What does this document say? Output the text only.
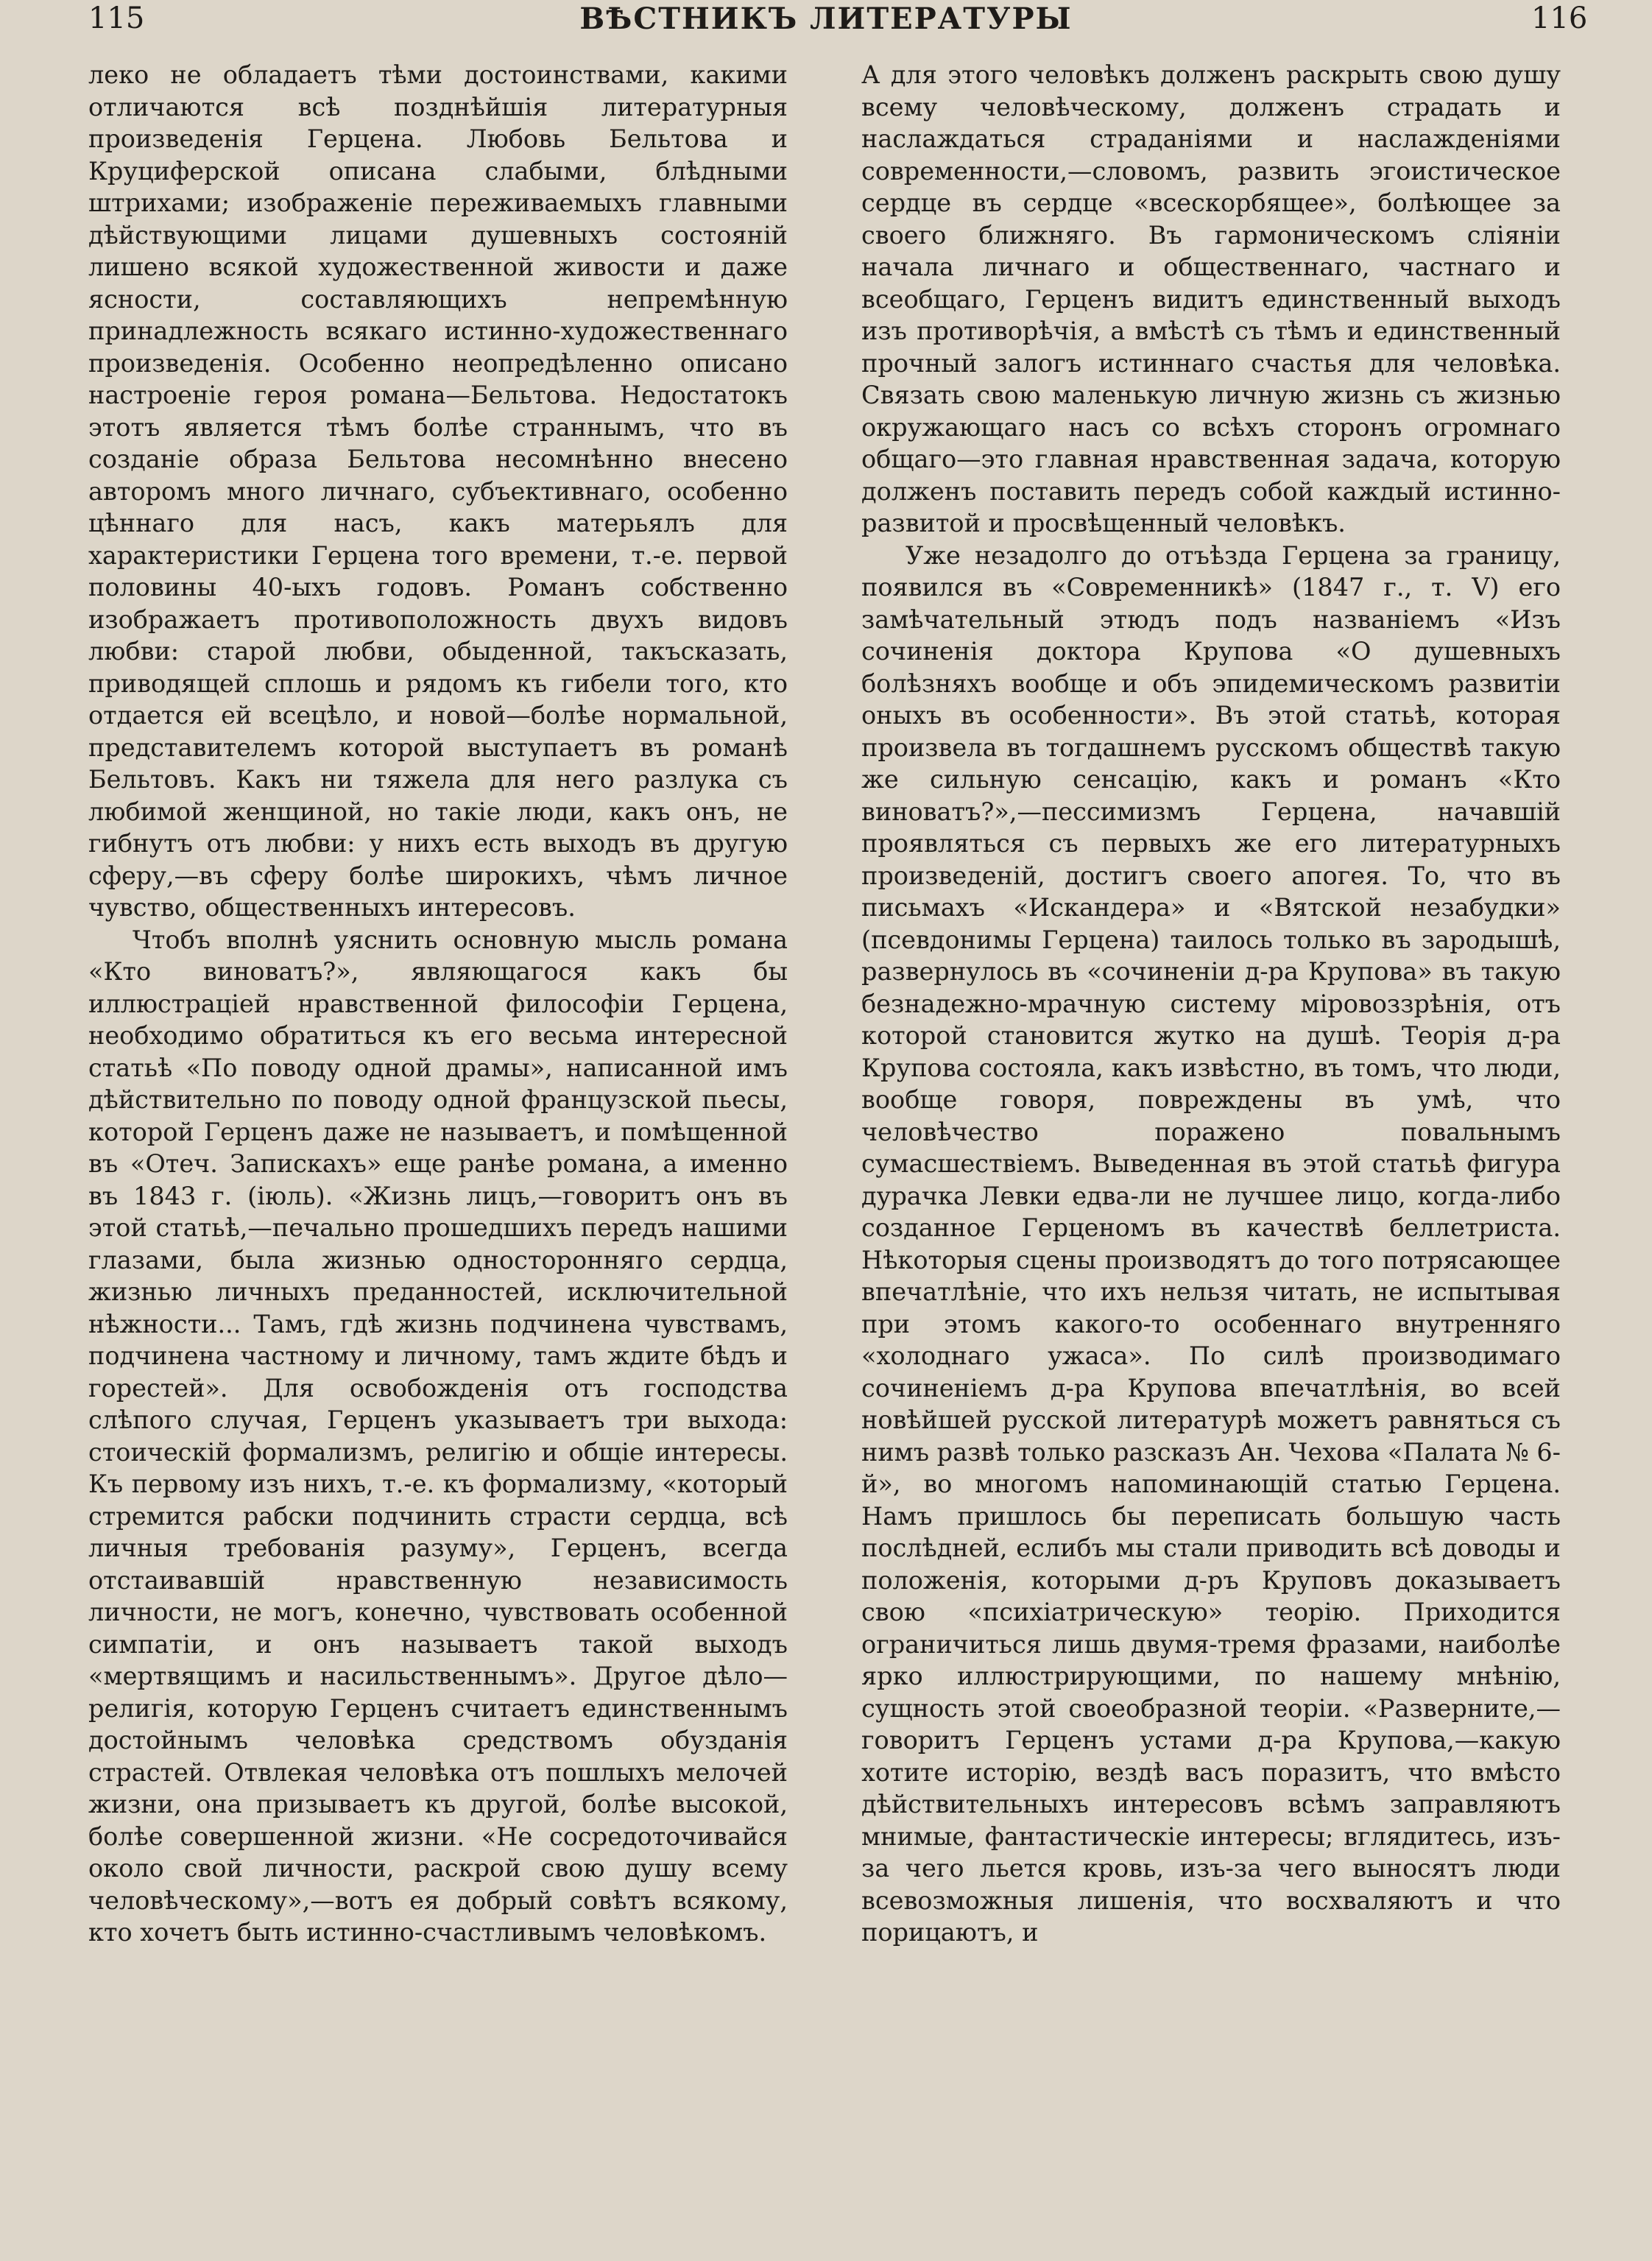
115	ВѢСТНИКЪ ЛИТЕРАТУРЫ	116

леко не обладаетъ тѣми достоинствами, какими отличаются всѣ позднѣйшія литературныя произведенія Герцена. Любовь Бельтова и Круциферской описана слабыми, блѣдными штрихами; изображеніе переживаемыхъ главными дѣйствующими лицами душевныхъ состояній лишено всякой художественной живости и даже ясности, составляющихъ непремѣнную принадлежность всякаго истинно-художественнаго произведенія. Особенно неопредѣленно описано настроеніе героя романа—Бельтова. Недостатокъ этотъ является тѣмъ болѣе страннымъ, что въ созданіе образа Бельтова несомнѣнно внесено авторомъ много личнаго, субъективнаго, особенно цѣннаго для насъ, какъ матерьялъ для характеристики Герцена того времени, т.-е. первой половины 40-ыхъ годовъ. Романъ собственно изображаетъ противоположность двухъ видовъ любви: старой любви, обыденной, такъсказать, приводящей сплошь и рядомъ къ гибели того, кто отдается ей всецѣло, и новой—болѣе нормальной, представителемъ которой выступаетъ въ романѣ Бельтовъ. Какъ ни тяжела для него разлука съ любимой женщиной, но такіе люди, какъ онъ, не гибнутъ отъ любви: у нихъ есть выходъ въ другую сферу,—въ сферу болѣе широкихъ, чѣмъ личное чувство, общественныхъ интересовъ.

Чтобъ вполнѣ уяснить основную мысль романа «Кто виноватъ?», являющагося какъ бы иллюстраціей нравственной философіи Герцена, необходимо обратиться къ его весьма интересной статьѣ «По поводу одной драмы», написанной имъ дѣйствительно по поводу одной французской пьесы, которой Герценъ даже не называетъ, и помѣщенной въ «Отеч. Запискахъ» еще ранѣе романа, а именно въ 1843 г. (іюль). «Жизнь лицъ,—говоритъ онъ въ этой статьѣ,—печально прошедшихъ передъ нашими глазами, была жизнью односторонняго сердца, жизнью личныхъ преданностей, исключительной нѣжности... Тамъ, гдѣ жизнь подчинена чувствамъ, подчинена частному и личному, тамъ ждите бѣдъ и горестей». Для освобожденія отъ господства слѣпого случая, Герценъ указываетъ три выхода: стоическій формализмъ, религію и общіе интересы. Къ первому изъ нихъ, т.-е. къ формализму, «который стремится рабски подчинить страсти сердца, всѣ личныя требованія разуму», Герценъ, всегда отстаивавшій нравственную независимость личности, не могъ, конечно, чувствовать особенной симпатіи, и онъ называетъ такой выходъ «мертвящимъ и насильственнымъ». Другое дѣло—религія, которую Герценъ считаетъ единственнымъ достойнымъ человѣка средствомъ обузданія страстей. Отвлекая человѣка отъ пошлыхъ мелочей жизни, она призываетъ къ другой, болѣе высокой, болѣе совершенной жизни. «Не сосредоточивайся около свой личности, раскрой свою душу всему человѣческому»,—вотъ ея добрый совѣтъ всякому, кто хочетъ быть истинно-счастливымъ человѣкомъ.

А для этого человѣкъ долженъ раскрыть свою душу всему человѣческому, долженъ страдать и наслаждаться страданіями и наслажденіями современности,—словомъ, развить эгоистическое сердце въ сердце «всескорбящее», болѣющее за своего ближняго. Въ гармоническомъ сліяніи начала личнаго и общественнаго, частнаго и всеобщаго, Герценъ видитъ единственный выходъ изъ противорѣчія, а вмѣстѣ съ тѣмъ и единственный прочный залогъ истиннаго счастья для человѣка. Связать свою маленькую личную жизнь съ жизнью окружающаго насъ со всѣхъ сторонъ огромнаго общаго—это главная нравственная задача, которую долженъ поставить передъ собой каждый истинно-развитой и просвѣщенный человѣкъ.

Уже незадолго до отъѣзда Герцена за границу, появился въ «Современникѣ» (1847 г., т. V) его замѣчательный этюдъ подъ названіемъ «Изъ сочиненія доктора Крупова «О душевныхъ болѣзняхъ вообще и объ эпидемическомъ развитіи оныхъ въ особенности». Въ этой статьѣ, которая произвела въ тогдашнемъ русскомъ обществѣ такую же сильную сенсацію, какъ и романъ «Кто виноватъ?»,—пессимизмъ Герцена, начавшій проявляться съ первыхъ же его литературныхъ произведеній, достигъ своего апогея. То, что въ письмахъ «Искандера» и «Вятской незабудки» (псевдонимы Герцена) таилось только въ зародышѣ, развернулось въ «сочиненіи д-ра Крупова» въ такую безнадежно-мрачную систему міровоззрѣнія, отъ которой становится жутко на душѣ. Теорія д-ра Крупова состояла, какъ извѣстно, въ томъ, что люди, вообще говоря, повреждены въ умѣ, что человѣчество поражено повальнымъ сумасшествіемъ. Выведенная въ этой статьѣ фигура дурачка Левки едва-ли не лучшее лицо, когда-либо созданное Герценомъ въ качествѣ беллетриста. Нѣкоторыя сцены производятъ до того потрясающее впечатлѣніе, что ихъ нельзя читать, не испытывая при этомъ какого-то особеннаго внутренняго «холоднаго ужаса». По силѣ производимаго сочиненіемъ д-ра Крупова впечатлѣнія, во всей новѣйшей русской литературѣ можетъ равняться съ нимъ развѣ только разсказъ Ан. Чехова «Палата № 6-й», во многомъ напоминающій статью Герцена. Намъ пришлось бы переписать большую часть послѣдней, еслибъ мы стали приводить всѣ доводы и положенія, которыми д-ръ Круповъ доказываетъ свою «психіатрическую» теорію. Приходится ограничиться лишь двумя-тремя фразами, наиболѣе ярко иллюстрирующими, по нашему мнѣнію, сущность этой своеобразной теоріи. «Разверните,—говоритъ Герценъ устами д-ра Крупова,—какую хотите исторію, вездѣ васъ поразитъ, что вмѣсто дѣйствительныхъ интересовъ всѣмъ заправляютъ мнимые, фантастическіе интересы; вглядитесь, изъ-за чего льется кровь, изъ-за чего выносятъ люди всевозможныя лишенія, что восхваляютъ и что порицаютъ, и
